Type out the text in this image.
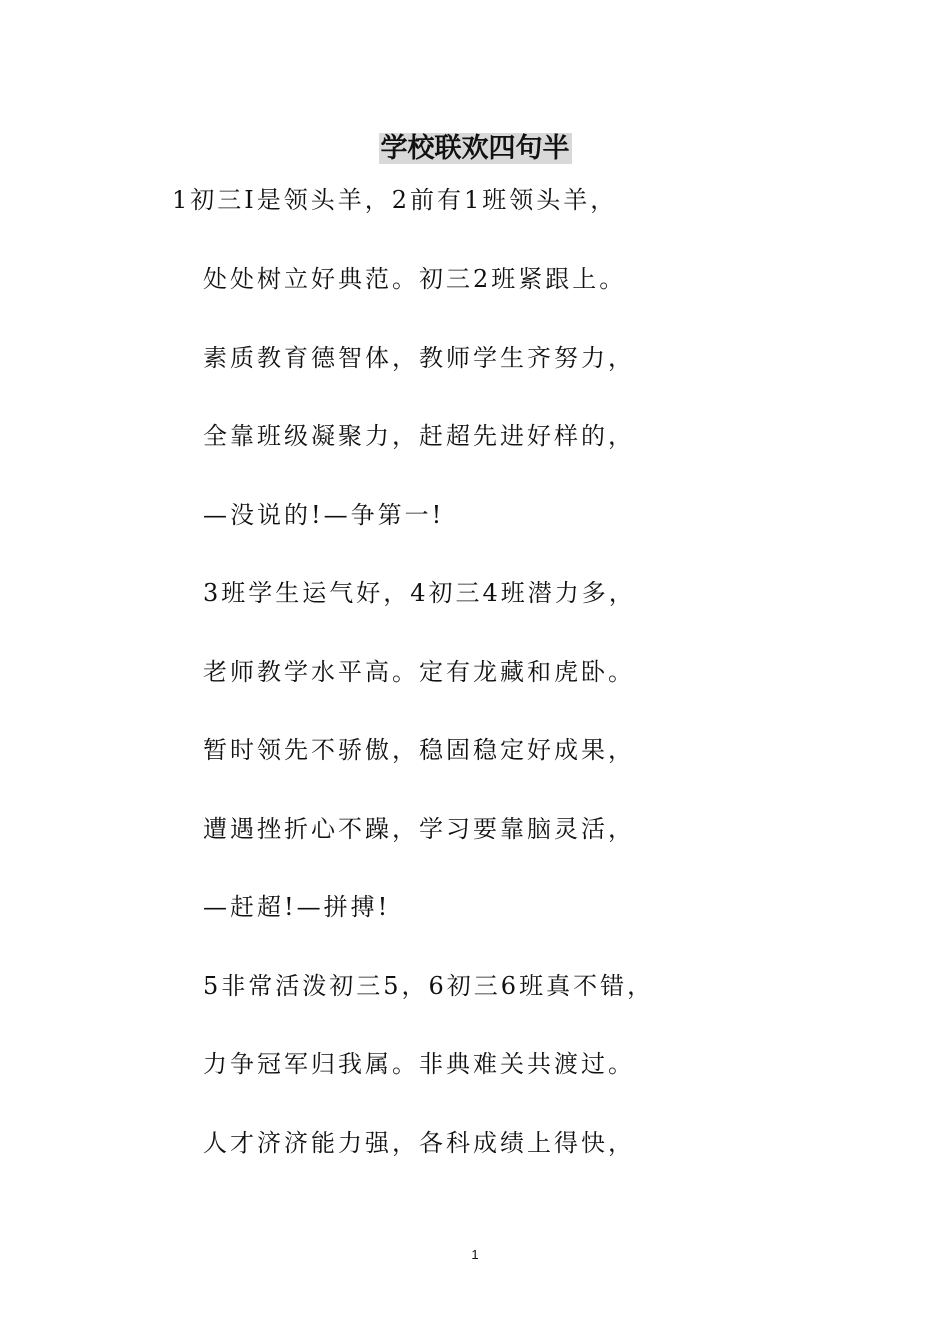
学校联欢四句半
1初三Ⅰ是领头羊，2前有1班领头羊，
处处树立好典范。初三2班紧跟上。
素质教育德智体，教师学生齐努力，
全靠班级凝聚力，赶超先进好样的，
—没说的!—争第一!
3班学生运气好，4初三4班潜力多，
老师教学水平高。定有龙藏和虎卧。
暂时领先不骄傲，稳固稳定好成果，
遭遇挫折心不躁，学习要靠脑灵活，
—赶超!—拼搏!
5非常活泼初三5，6初三6班真不错，
力争冠军归我属。非典难关共渡过。
人才济济能力强，各科成绩上得快，
1
